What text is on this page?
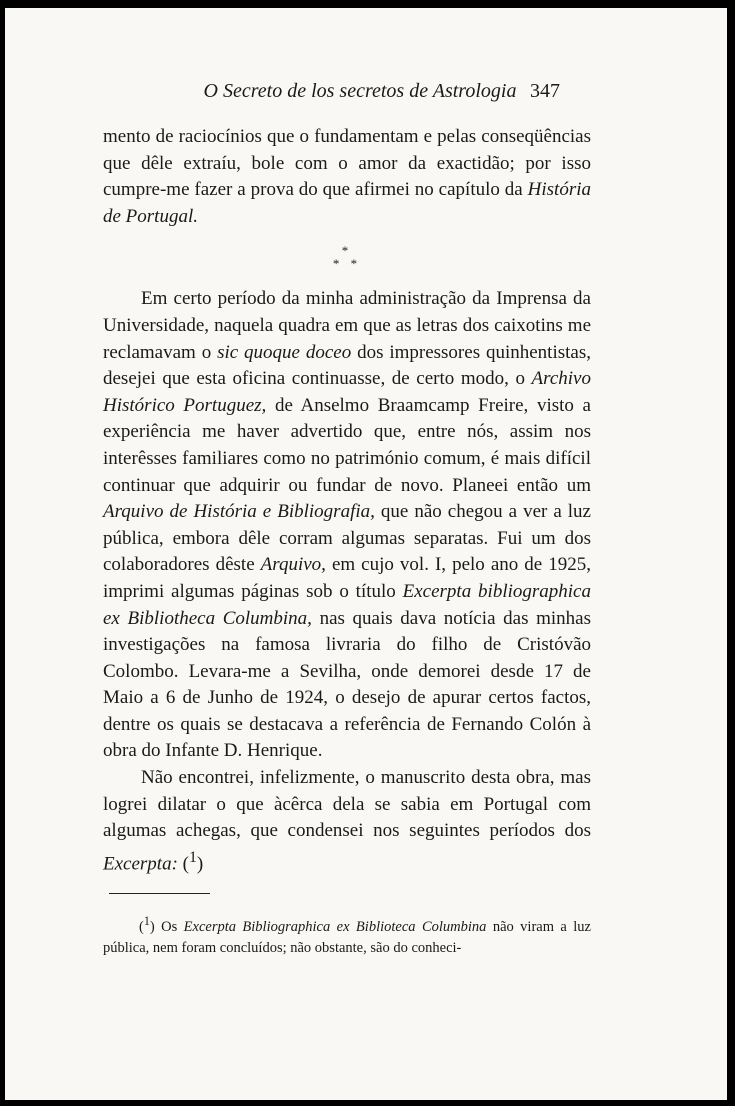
O Secreto de los secretos de Astrologia 347

mento de raciocínios que o fundamentam e pelas conseqüências que dêle extraíu, bole com o amor da exactidão; por isso cumpre-me fazer a prova do que afirmei no capítulo da História de Portugal.

*
* *

Em certo período da minha administração da Imprensa da Universidade, naquela quadra em que as letras dos caixotins me reclamavam o sic quoque doceo dos impressores quinhentistas, desejei que esta oficina continuasse, de certo modo, o Archivo Histórico Portuguez, de Anselmo Braamcamp Freire, visto a experiência me haver advertido que, entre nós, assim nos interêsses familiares como no património comum, é mais difícil continuar que adquirir ou fundar de novo. Planeei então um Arquivo de História e Bibliografia, que não chegou a ver a luz pública, embora dêle corram algumas separatas. Fui um dos colaboradores dêste Arquivo, em cujo vol. I, pelo ano de 1925, imprimi algumas páginas sob o título Excerpta bibliographica ex Bibliotheca Columbina, nas quais dava notícia das minhas investigações na famosa livraria do filho de Cristóvão Colombo. Levara-me a Sevilha, onde demorei desde 17 de Maio a 6 de Junho de 1924, o desejo de apurar certos factos, dentre os quais se destacava a referência de Fernando Colón à obra do Infante D. Henrique.

Não encontrei, infelizmente, o manuscrito desta obra, mas logrei dilatar o que àcêrca dela se sabia em Portugal com algumas achegas, que condensei nos seguintes períodos dos Excerpta: ($^1$)

($^1$) Os Excerpta Bibliographica ex Biblioteca Columbina não viram a luz pública, nem foram concluídos; não obstante, são do conheci-
